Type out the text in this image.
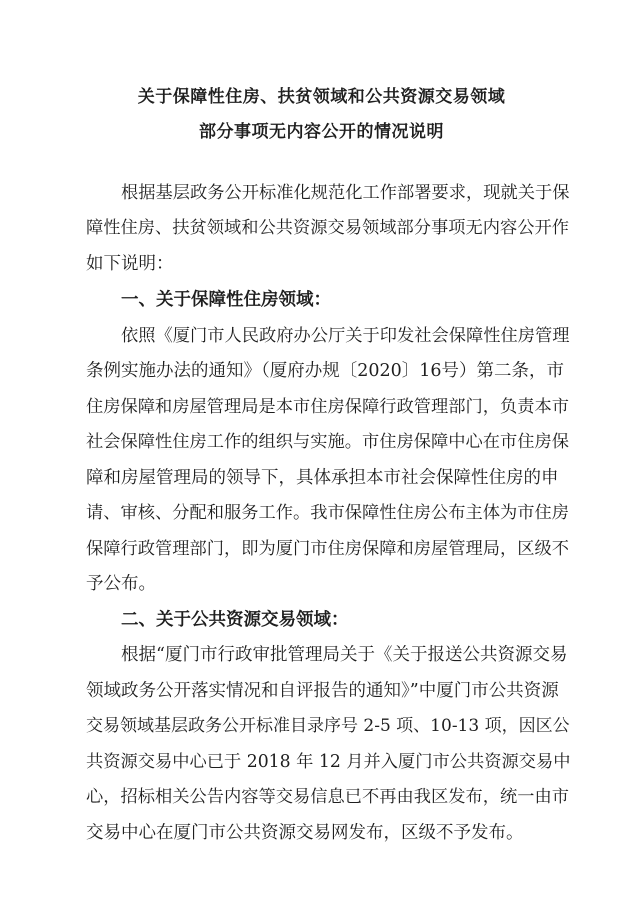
关于保障性住房、扶贫领域和公共资源交易领域
部分事项无内容公开的情况说明
根据基层政务公开标准化规范化工作部署要求，现就关于保
障性住房、扶贫领域和公共资源交易领域部分事项无内容公开作
如下说明：
一、关于保障性住房领域：
依照《厦门市人民政府办公厅关于印发社会保障性住房管理
条例实施办法的通知》（厦府办规〔2020〕16号）第二条，市
住房保障和房屋管理局是本市住房保障行政管理部门，负责本市
社会保障性住房工作的组织与实施。市住房保障中心在市住房保
障和房屋管理局的领导下，具体承担本市社会保障性住房的申
请、审核、分配和服务工作。我市保障性住房公布主体为市住房
保障行政管理部门，即为厦门市住房保障和房屋管理局，区级不
予公布。
二、关于公共资源交易领域：
根据“厦门市行政审批管理局关于《关于报送公共资源交易
领域政务公开落实情况和自评报告的通知》”中厦门市公共资源
交易领域基层政务公开标准目录序号 2-5 项、10-13 项，因区公
共资源交易中心已于 2018 年 12 月并入厦门市公共资源交易中
心，招标相关公告内容等交易信息已不再由我区发布，统一由市
交易中心在厦门市公共资源交易网发布，区级不予发布。
